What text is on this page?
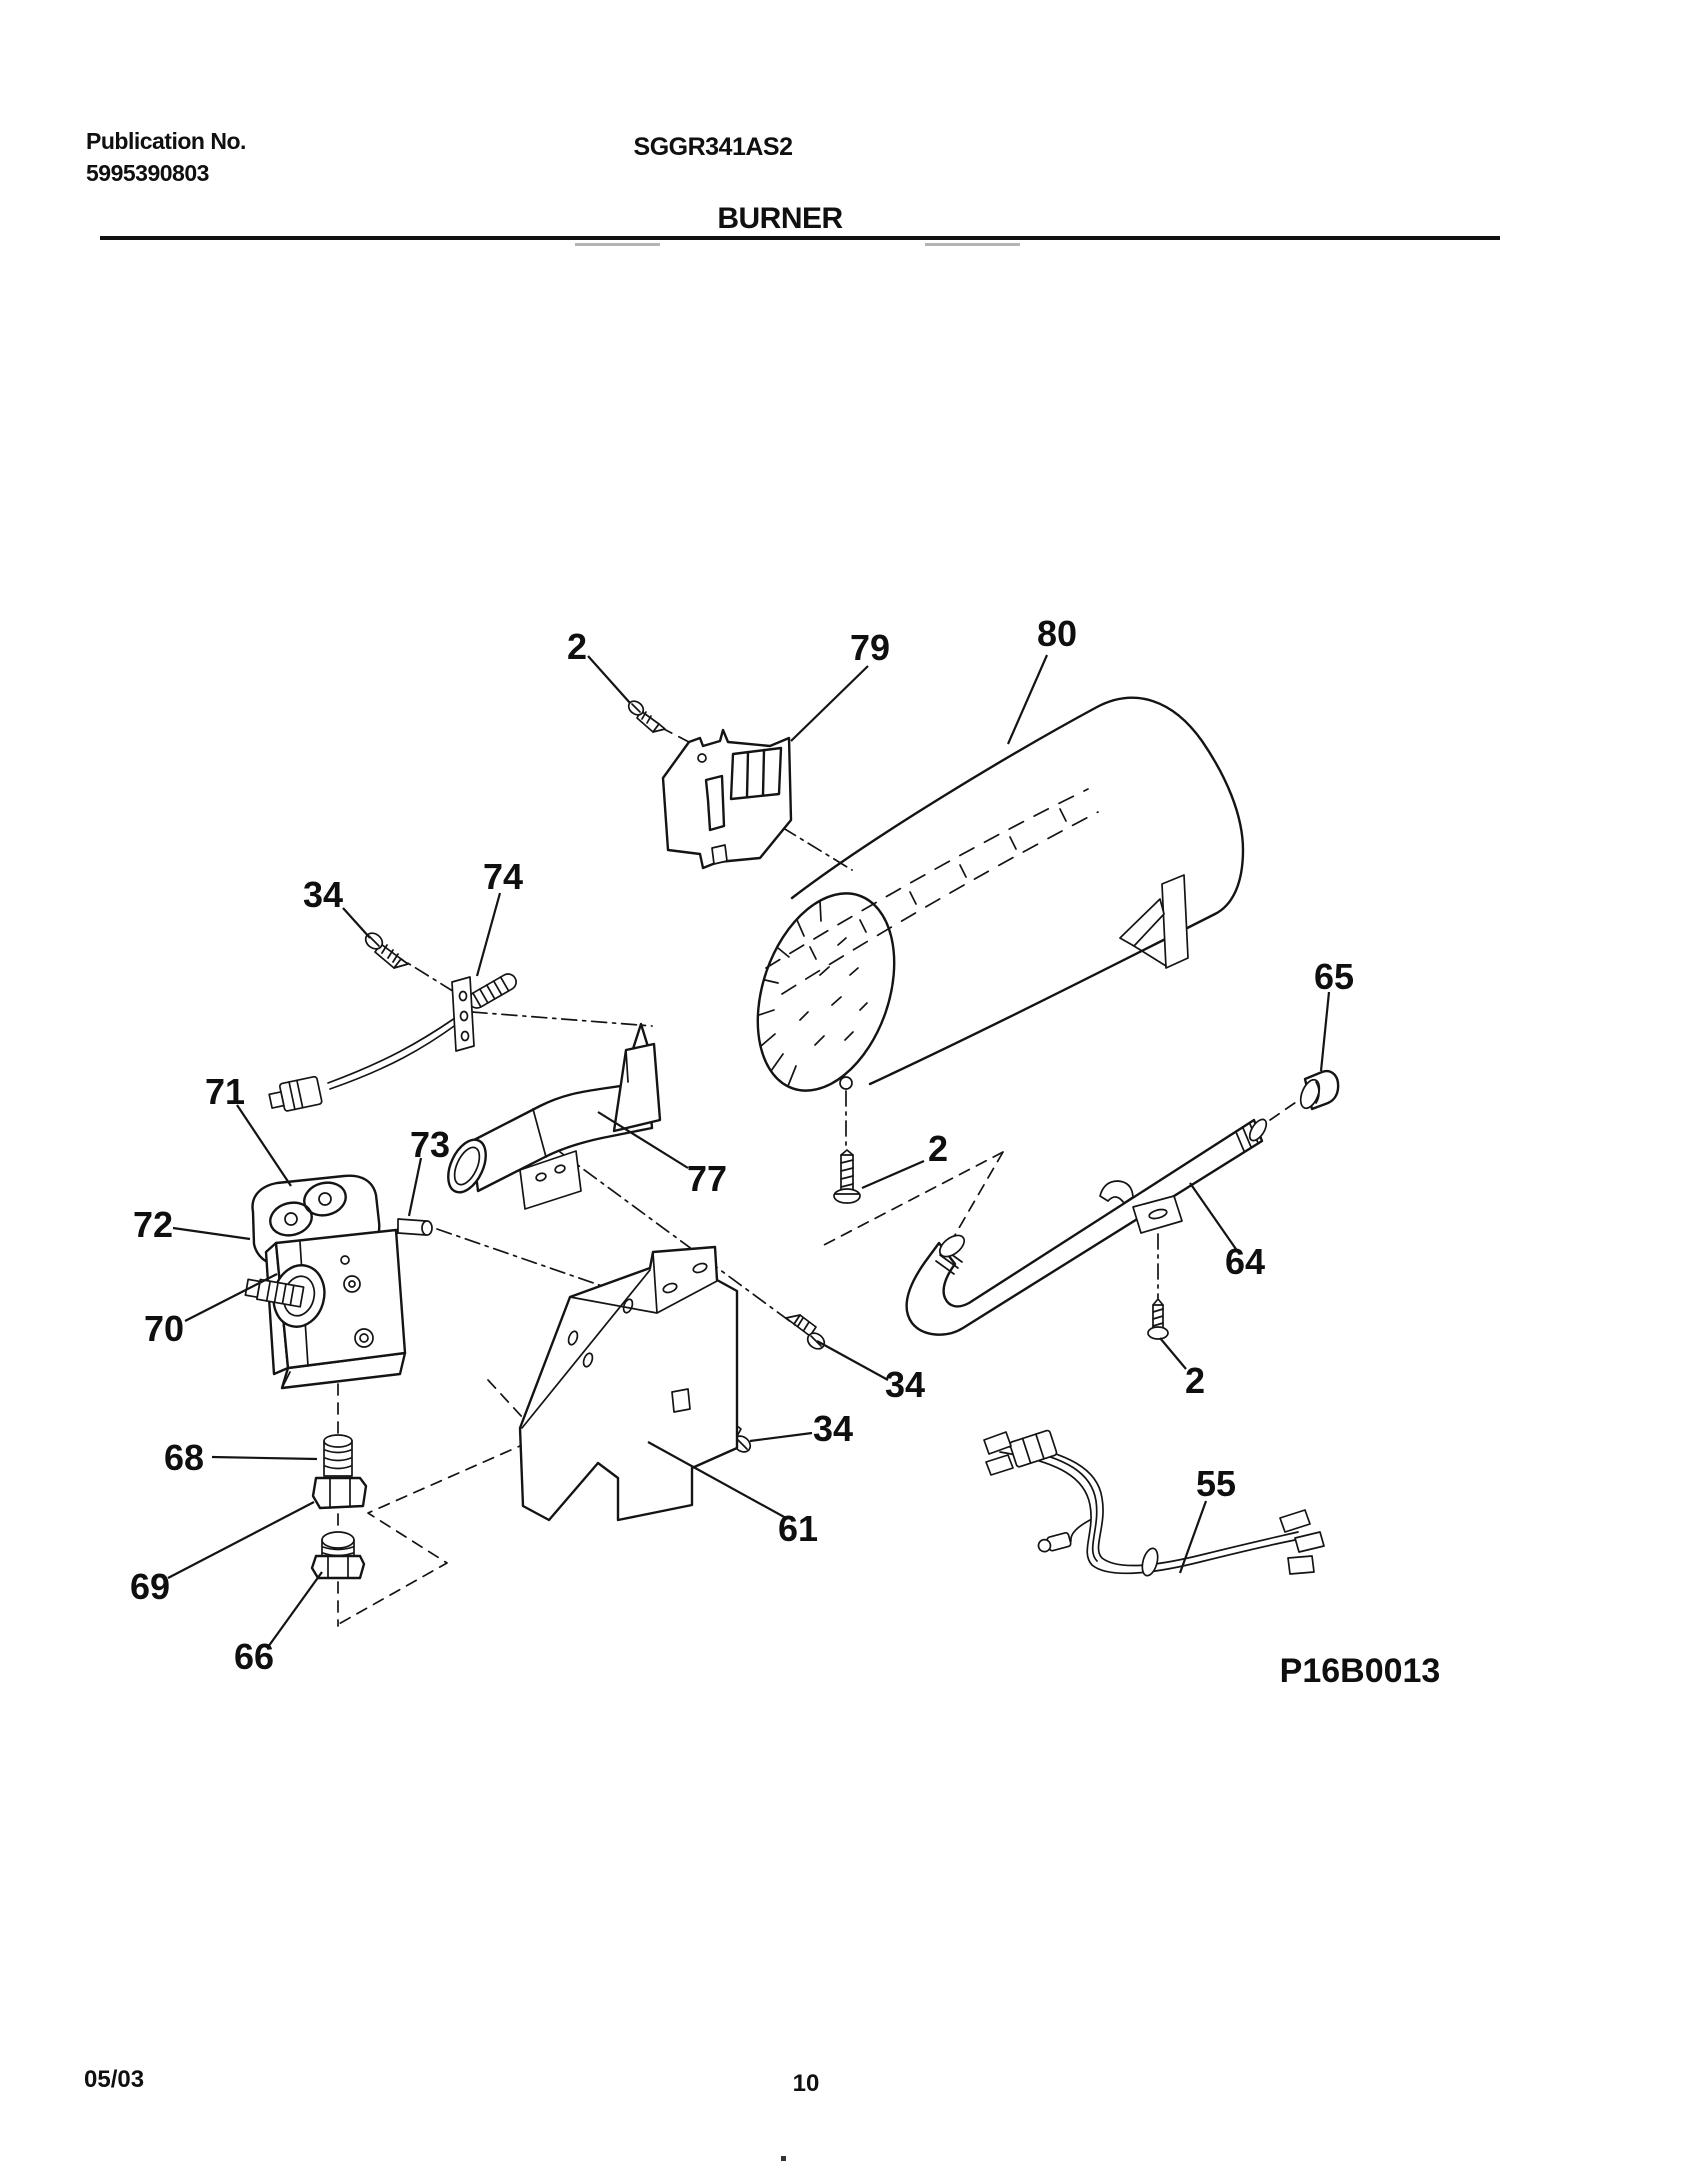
Publication No.
5995390803
SGGR341AS2
BURNER
P16B0013
2	79	80
34	74
65
71
73
77
2
72
64
70
2
34
34
68
61
55
69
66
05/03	10
